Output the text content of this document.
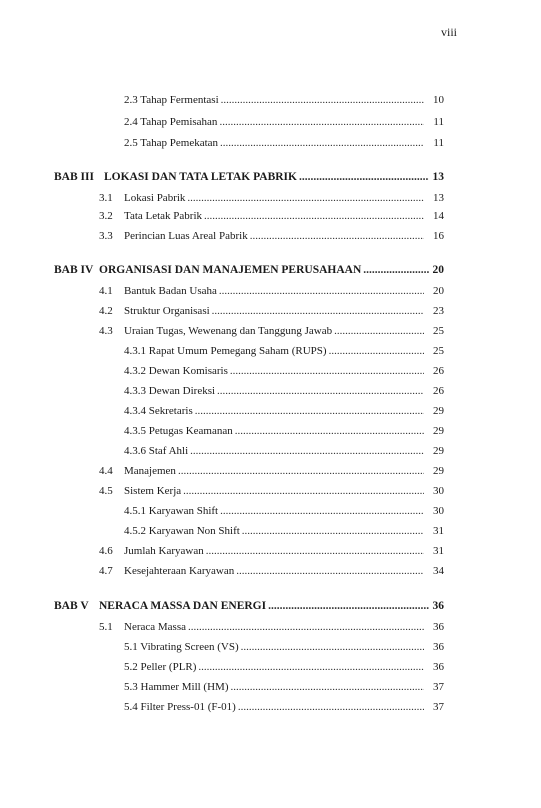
viii
2.3 Tahap Fermentasi .....	10
2.4 Tahap Pemisahan .....	11
2.5 Tahap Pemekatan .....	11
BAB III LOKASI DAN TATA LETAK PABRIK .....	13
3.1 Lokasi Pabrik .....	13
3.2 Tata Letak Pabrik .....	14
3.3 Perincian Luas Areal Pabrik .....	16
BAB IV ORGANISASI DAN MANAJEMEN PERUSAHAAN .....	20
4.1 Bantuk Badan Usaha .....	20
4.2 Struktur Organisasi .....	23
4.3 Uraian Tugas, Wewenang dan Tanggung Jawab .....	25
4.3.1 Rapat Umum Pemegang Saham (RUPS) .....	25
4.3.2 Dewan Komisaris .....	26
4.3.3 Dewan Direksi .....	26
4.3.4 Sekretaris .....	29
4.3.5 Petugas Keamanan .....	29
4.3.6 Staf Ahli .....	29
4.4 Manajemen .....	29
4.5 Sistem Kerja .....	30
4.5.1 Karyawan Shift .....	30
4.5.2 Karyawan Non Shift .....	31
4.6 Jumlah Karyawan .....	31
4.7 Kesejahteraan Karyawan .....	34
BAB V NERACA MASSA DAN ENERGI .....	36
5.1 Neraca Massa .....	36
5.1 Vibrating Screen (VS) .....	36
5.2 Peller (PLR) .....	36
5.3 Hammer Mill (HM) .....	37
5.4 Filter Press-01 (F-01) .....	37
